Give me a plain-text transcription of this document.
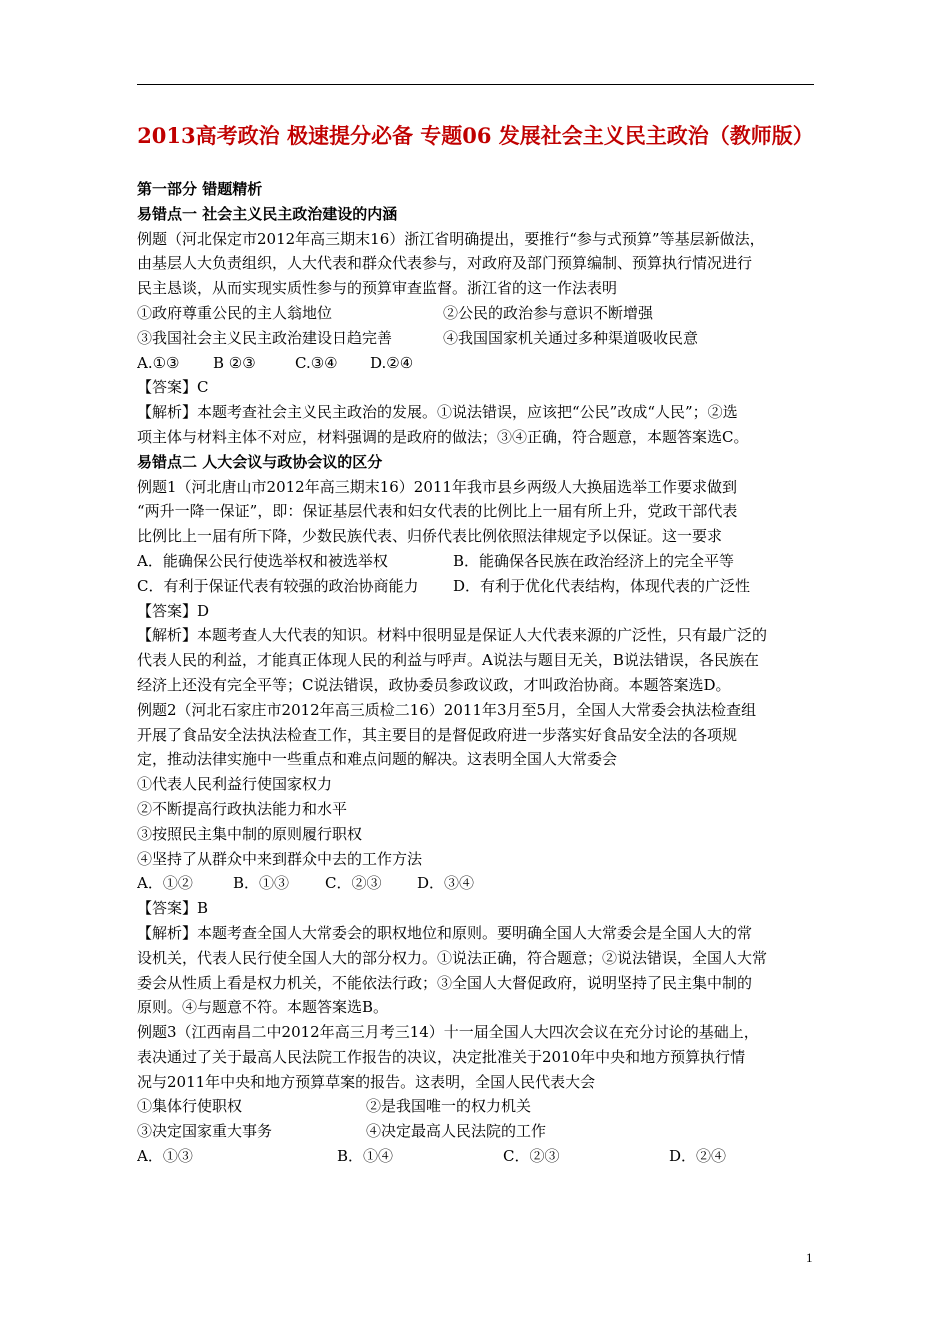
2013高考政治 极速提分必备 专题06 发展社会主义民主政治（教师版）
第一部分 错题精析
易错点一 社会主义民主政治建设的内涵
例题（河北保定市2012年高三期末16）浙江省明确提出，要推行“参与式预算”等基层新做法，
由基层人大负责组织，人大代表和群众代表参与，对政府及部门预算编制、预算执行情况进行
民主恳谈，从而实现实质性参与的预算审查监督。浙江省的这一作法表明
①政府尊重公民的主人翁地位	②公民的政治参与意识不断增强
③我国社会主义民主政治建设日趋完善	④我国国家机关通过多种渠道吸收民意
A.①③ B ②③	C.③④ D.②④
【答案】C
【解析】本题考查社会主义民主政治的发展。①说法错误，应该把“公民”改成“人民”；②选
项主体与材料主体不对应，材料强调的是政府的做法；③④正确，符合题意，本题答案选C。
易错点二 人大会议与政协会议的区分
例题1（河北唐山市2012年高三期末16）2011年我市县乡两级人大换届选举工作要求做到
“两升一降一保证”，即：保证基层代表和妇女代表的比例比上一届有所上升，党政干部代表
比例比上一届有所下降，少数民族代表、归侨代表比例依照法律规定予以保证。这一要求
A．能确保公民行使选举权和被选举权	B．能确保各民族在政治经济上的完全平等
C．有利于保证代表有较强的政治协商能力 D．有利于优化代表结构，体现代表的广泛性
【答案】D
【解析】本题考查人大代表的知识。材料中很明显是保证人大代表来源的广泛性，只有最广泛的
代表人民的利益，才能真正体现人民的利益与呼声。A说法与题目无关，B说法错误，各民族在
经济上还没有完全平等；C说法错误，政协委员参政议政，才叫政治协商。本题答案选D。
例题2（河北石家庄市2012年高三质检二16）2011年3月至5月，全国人大常委会执法检查组
开展了食品安全法执法检查工作，其主要目的是督促政府进一步落实好食品安全法的各项规
定，推动法律实施中一些重点和难点问题的解决。这表明全国人大常委会
①代表人民利益行使国家权力
②不断提高行政执法能力和水平
③按照民主集中制的原则履行职权
④坚持了从群众中来到群众中去的工作方法
A．①②	B．①③ C．②③ D．③④
【答案】B
【解析】本题考查全国人大常委会的职权地位和原则。要明确全国人大常委会是全国人大的常
设机关，代表人民行使全国人大的部分权力。①说法正确，符合题意；②说法错误，全国人大常
委会从性质上看是权力机关，不能依法行政；③全国人大督促政府，说明坚持了民主集中制的
原则。④与题意不符。本题答案选B。
例题3（江西南昌二中2012年高三月考三14）十一届全国人大四次会议在充分讨论的基础上，
表决通过了关于最高人民法院工作报告的决议，决定批准关于2010年中央和地方预算执行情
况与2011年中央和地方预算草案的报告。这表明，全国人民代表大会
①集体行使职权	②是我国唯一的权力机关
③决定国家重大事务	④决定最高人民法院的工作
A．①③	B．①④	C．②③	D．②④
1
